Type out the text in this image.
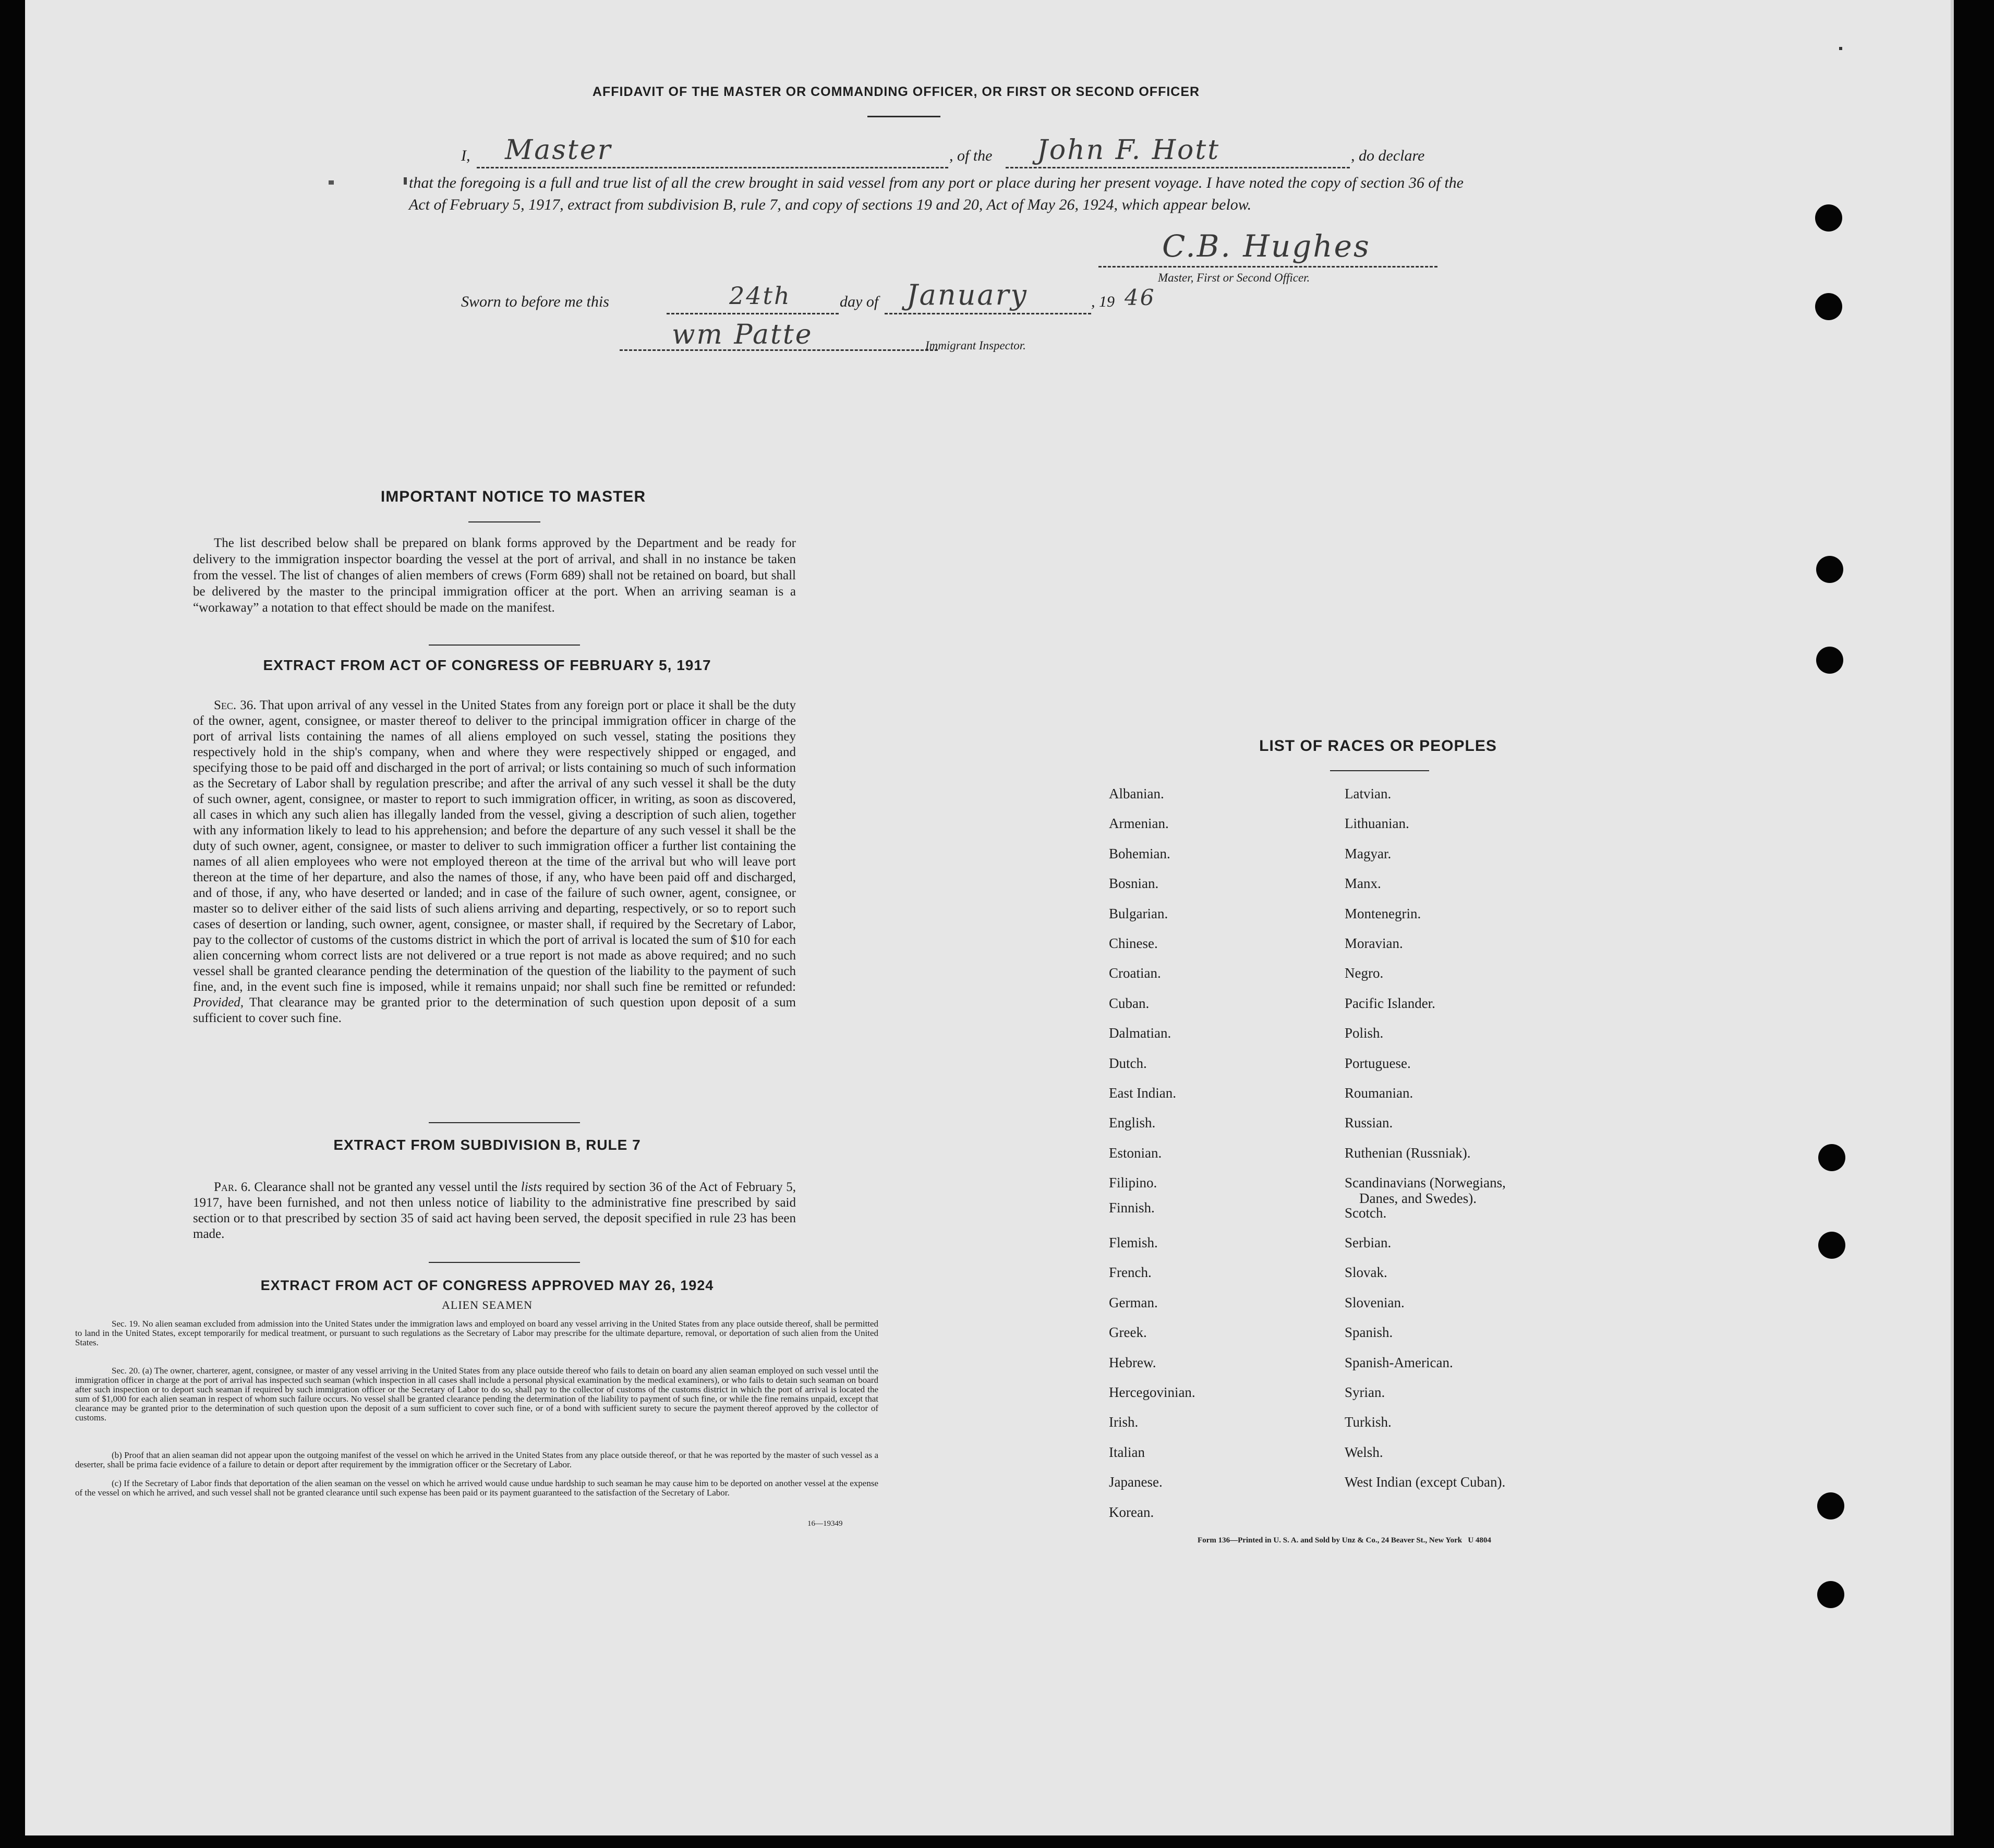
AFFIDAVIT OF THE MASTER OR COMMANDING OFFICER, OR FIRST OR SECOND OFFICER
I, Master	, of the John F. Hott	, do declare
that the foregoing is a full and true list of all the crew brought in said vessel from any port or place during her present voyage. I have noted the copy of section 36 of the Act of February 5, 1917, extract from subdivision B, rule 7, and copy of sections 19 and 20, Act of May 26, 1924, which appear below.
C.B. Hughes
Master, First or Second Officer.
Sworn to before me this	24th	day of January	, 19 46
wm Patte	Immigrant Inspector.
IMPORTANT NOTICE TO MASTER
The list described below shall be prepared on blank forms approved by the Department and be ready for delivery to the immigration inspector boarding the vessel at the port of arrival, and shall in no instance be taken from the vessel. The list of changes of alien members of crews (Form 689) shall not be retained on board, but shall be delivered by the master to the principal immigration officer at the port. When an arriving seaman is a “workaway” a notation to that effect should be made on the manifest.
EXTRACT FROM ACT OF CONGRESS OF FEBRUARY 5, 1917
Sec. 36. That upon arrival of any vessel in the United States from any foreign port or place it shall be the duty of the owner, agent, consignee, or master thereof to deliver to the principal immigration officer in charge of the port of arrival lists containing the names of all aliens employed on such vessel, stating the positions they respectively hold in the ship's company, when and where they were respectively shipped or engaged, and specifying those to be paid off and discharged in the port of arrival; or lists containing so much of such information as the Secretary of Labor shall by regulation prescribe; and after the arrival of any such vessel it shall be the duty of such owner, agent, consignee, or master to report to such immigration officer, in writing, as soon as discovered, all cases in which any such alien has illegally landed from the vessel, giving a description of such alien, together with any information likely to lead to his apprehension; and before the departure of any such vessel it shall be the duty of such owner, agent, consignee, or master to deliver to such immigration officer a further list containing the names of all alien employees who were not employed thereon at the time of the arrival but who will leave port thereon at the time of her departure, and also the names of those, if any, who have been paid off and discharged, and of those, if any, who have deserted or landed; and in case of the failure of such owner, agent, consignee, or master so to deliver either of the said lists of such aliens arriving and departing, respectively, or so to report such cases of desertion or landing, such owner, agent, consignee, or master shall, if required by the Secretary of Labor, pay to the collector of customs of the customs district in which the port of arrival is located the sum of $10 for each alien concerning whom correct lists are not delivered or a true report is not made as above required; and no such vessel shall be granted clearance pending the determination of the question of the liability to the payment of such fine, and, in the event such fine is imposed, while it remains unpaid; nor shall such fine be remitted or refunded: Provided, That clearance may be granted prior to the determination of such question upon deposit of a sum sufficient to cover such fine.
EXTRACT FROM SUBDIVISION B, RULE 7
Par. 6. Clearance shall not be granted any vessel until the lists required by section 36 of the Act of February 5, 1917, have been furnished, and not then unless notice of liability to the administrative fine prescribed by said section or to that prescribed by section 35 of said act having been served, the deposit specified in rule 23 has been made.
EXTRACT FROM ACT OF CONGRESS APPROVED MAY 26, 1924
ALIEN SEAMEN
Sec. 19. No alien seaman excluded from admission into the United States under the immigration laws and employed on board any vessel arriving in the United States from any place outside thereof, shall be permitted to land in the United States, except temporarily for medical treatment, or pursuant to such regulations as the Secretary of Labor may prescribe for the ultimate departure, removal, or deportation of such alien from the United States.
Sec. 20. (a) The owner, charterer, agent, consignee, or master of any vessel arriving in the United States from any place outside thereof who fails to detain on board any alien seaman employed on such vessel until the immigration officer in charge at the port of arrival has inspected such seaman (which inspection in all cases shall include a personal physical examination by the medical examiners), or who fails to detain such seaman on board after such inspection or to deport such seaman if required by such immigration officer or the Secretary of Labor to do so, shall pay to the collector of customs of the customs district in which the port of arrival is located the sum of $1,000 for each alien seaman in respect of whom such failure occurs. No vessel shall be granted clearance pending the determination of the liability to payment of such fine, or while the fine remains unpaid, except that clearance may be granted prior to the determination of such question upon the deposit of a sum sufficient to cover such fine, or of a bond with sufficient surety to secure the payment thereof approved by the collector of customs.
(b) Proof that an alien seaman did not appear upon the outgoing manifest of the vessel on which he arrived in the United States from any place outside thereof, or that he was reported by the master of such vessel as a deserter, shall be prima facie evidence of a failure to detain or deport after requirement by the immigration officer or the Secretary of Labor.
(c) If the Secretary of Labor finds that deportation of the alien seaman on the vessel on which he arrived would cause undue hardship to such seaman he may cause him to be deported on another vessel at the expense of the vessel on which he arrived, and such vessel shall not be granted clearance until such expense has been paid or its payment guaranteed to the satisfaction of the Secretary of Labor.
16—19349
LIST OF RACES OR PEOPLES
Albanian.
Armenian.
Bohemian.
Bosnian.
Bulgarian.
Chinese.
Croatian.
Cuban.
Dalmatian.
Dutch.
East Indian.
English.
Estonian.
Filipino.
Finnish.
Flemish.
French.
German.
Greek.
Hebrew.
Hercegovinian.
Irish.
Italian
Japanese.
Korean.
Latvian.
Lithuanian.
Magyar.
Manx.
Montenegrin.
Moravian.
Negro.
Pacific Islander.
Polish.
Portuguese.
Roumanian.
Russian.
Ruthenian (Russniak).
Scandinavians (Norwegians,
Danes, and Swedes).
Scotch.
Serbian.
Slovak.
Slovenian.
Spanish.
Spanish-American.
Syrian.
Turkish.
Welsh.
West Indian (except Cuban).
Form 136—Printed in U. S. A. and Sold by Unz & Co., 24 Beaver St., New York   U 4804
